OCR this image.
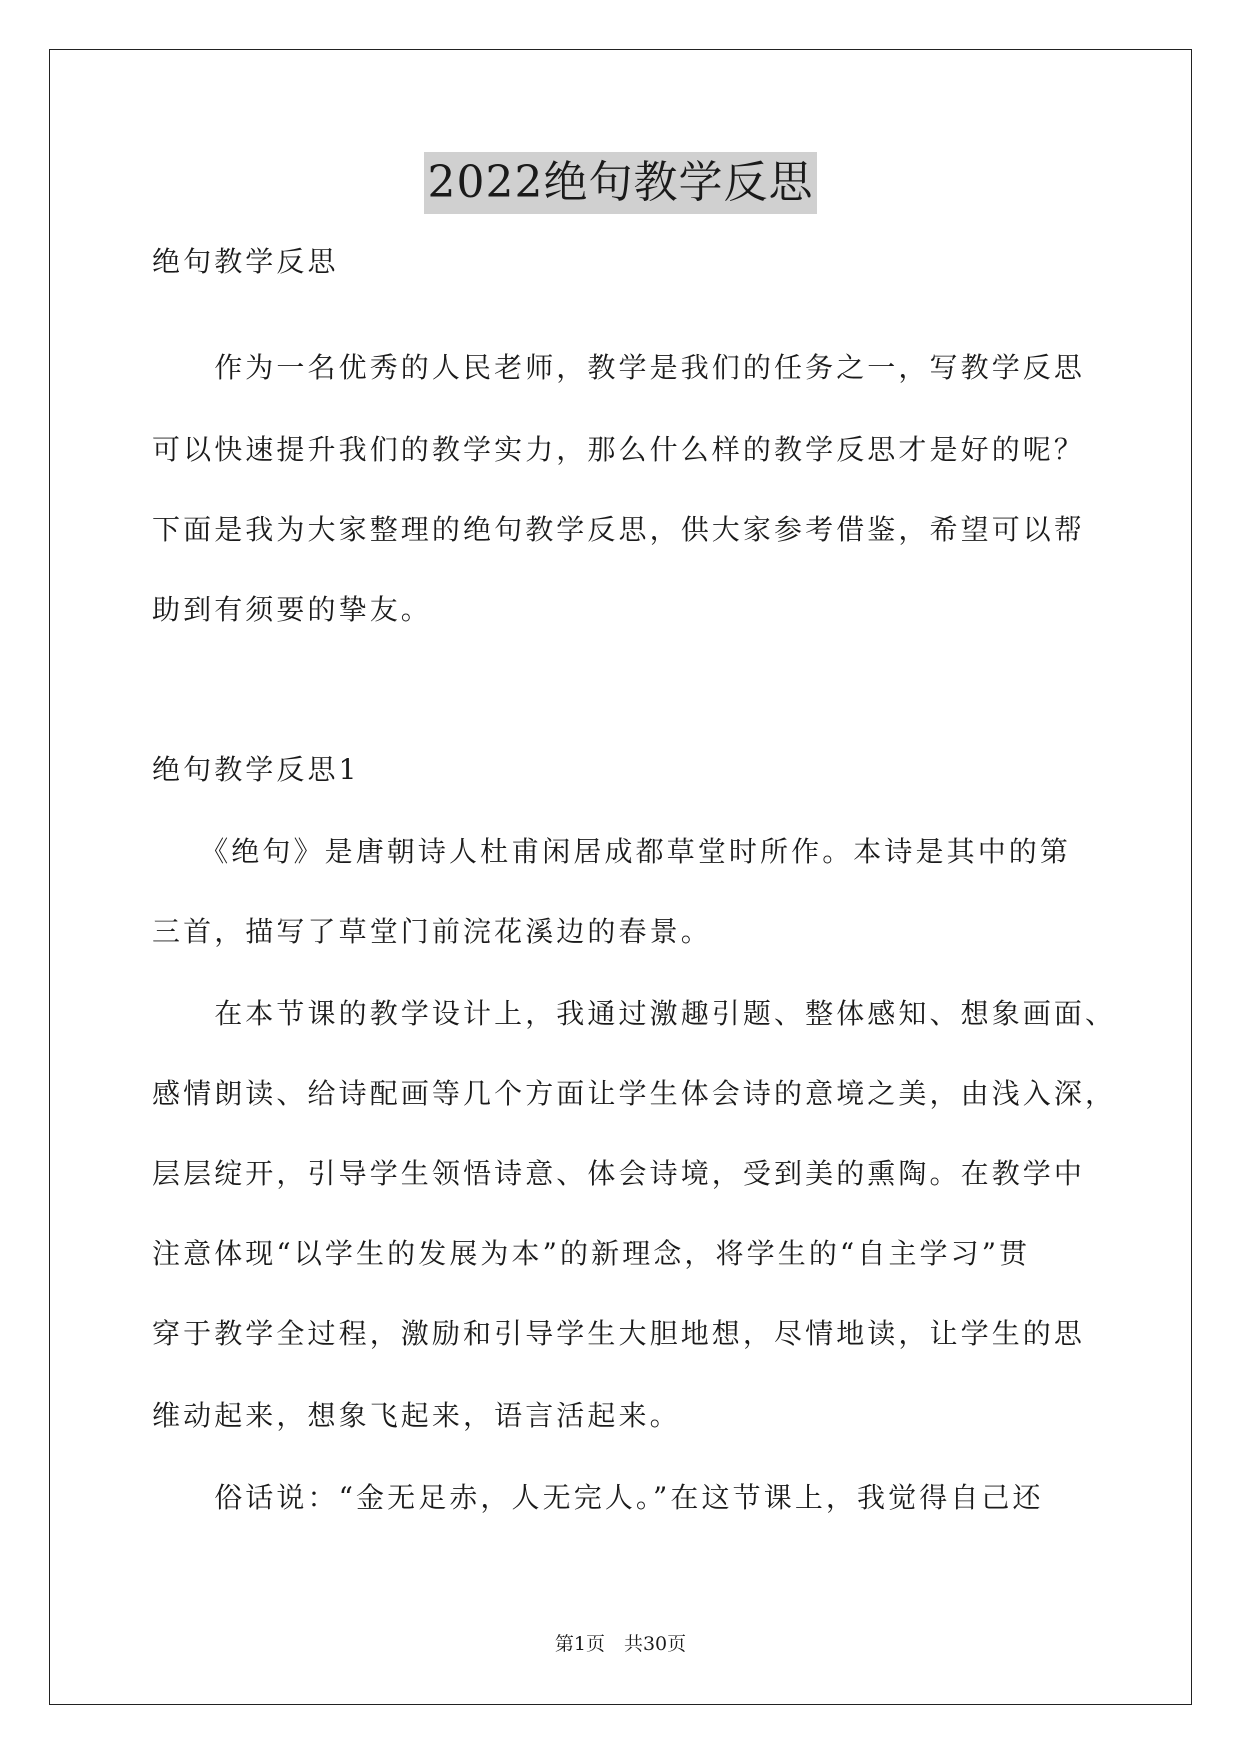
2022绝句教学反思
绝句教学反思
　　作为一名优秀的人民老师，教学是我们的任务之一，写教学反思
可以快速提升我们的教学实力，那么什么样的教学反思才是好的呢？
下面是我为大家整理的绝句教学反思，供大家参考借鉴，希望可以帮
助到有须要的挚友。
绝句教学反思1
　　《绝句》是唐朝诗人杜甫闲居成都草堂时所作。本诗是其中的第
三首，描写了草堂门前浣花溪边的春景。
　　在本节课的教学设计上，我通过激趣引题、整体感知、想象画面、
感情朗读、给诗配画等几个方面让学生体会诗的意境之美，由浅入深，
层层绽开，引导学生领悟诗意、体会诗境，受到美的熏陶。在教学中
注意体现“以学生的发展为本”的新理念，将学生的“自主学习”贯
穿于教学全过程，激励和引导学生大胆地想，尽情地读，让学生的思
维动起来，想象飞起来，语言活起来。
　　俗话说：“金无足赤，人无完人。”在这节课上，我觉得自己还
第1页　共30页
